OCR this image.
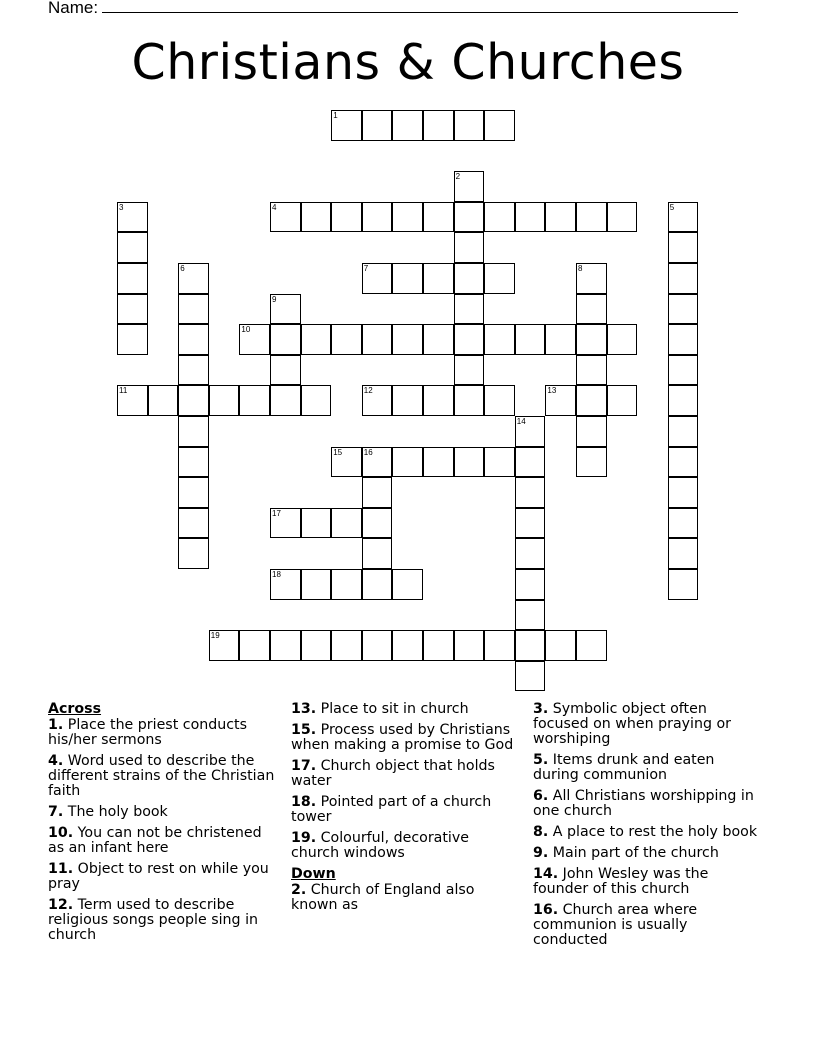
Name:
Christians & Churches
1
2
3	4	5
6	7	8
9
10
11	12	13
14
15	16
17
18
19
Across
1. Place the priest conducts his/her sermons
4. Word used to describe the different strains of the Christian faith
7. The holy book
10. You can not be christened as an infant here
11. Object to rest on while you pray
12. Term used to describe religious songs people sing in church
13. Place to sit in church
15. Process used by Christians when making a promise to God
17. Church object that holds water
18. Pointed part of a church tower
19. Colourful, decorative church windows
Down
2. Church of England also known as
3. Symbolic object often focused on when praying or worshiping
5. Items drunk and eaten during communion
6. All Christians worshipping in one church
8. A place to rest the holy book
9. Main part of the church
14. John Wesley was the founder of this church
16. Church area where communion is usually conducted
